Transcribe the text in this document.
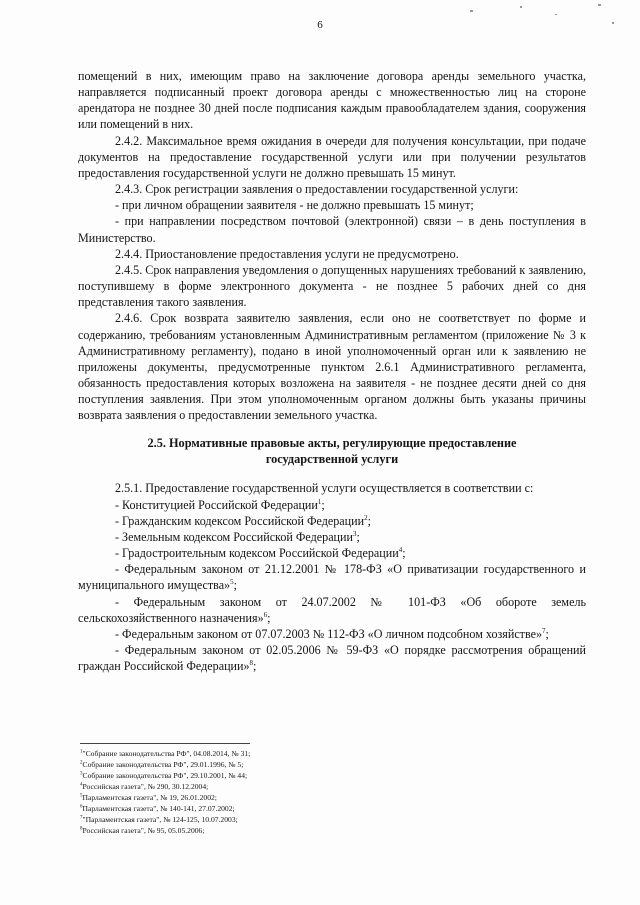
6

помещений в них, имеющим право на заключение договора аренды земельного участка, направляется подписанный проект договора аренды с множественностью лиц на стороне арендатора не позднее 30 дней после подписания каждым правообладателем здания, сооружения или помещений в них.

2.4.2. Максимальное время ожидания в очереди для получения консультации, при подаче документов на предоставление государственной услуги или при получении результатов предоставления государственной услуги не должно превышать 15 минут.

2.4.3. Срок регистрации заявления о предоставлении государственной услуги:

- при личном обращении заявителя - не должно превышать 15 минут;

- при направлении посредством почтовой (электронной) связи – в день поступления в Министерство.

2.4.4. Приостановление предоставления услуги не предусмотрено.

2.4.5. Срок направления уведомления о допущенных нарушениях требований к заявлению, поступившему в форме электронного документа - не позднее 5 рабочих дней со дня представления такого заявления.

2.4.6. Срок возврата заявителю заявления, если оно не соответствует по форме и содержанию, требованиям установленным Административным регламентом (приложение № 3 к Административному регламенту), подано в иной уполномоченный орган или к заявлению не приложены документы, предусмотренные пунктом 2.6.1 Административного регламента, обязанность предоставления которых возложена на заявителя - не позднее десяти дней со дня поступления заявления. При этом уполномоченным органом должны быть указаны причины возврата заявления о предоставлении земельного участка.

2.5. Нормативные правовые акты, регулирующие предоставление
государственной услуги

2.5.1. Предоставление государственной услуги осуществляется в соответствии с:

- Конституцией Российской Федерации$^1$;

- Гражданским кодексом Российской Федерации$^2$;

- Земельным кодексом Российской Федерации$^3$;

- Градостроительным кодексом Российской Федерации$^4$;

- Федеральным законом от 21.12.2001 № 178-ФЗ «О приватизации государственного и муниципального имущества»$^5$;

- Федеральным законом от 24.07.2002 № 101-ФЗ «Об обороте земель сельскохозяйственного назначения»$^6$;

- Федеральным законом от 07.07.2003 № 112-ФЗ «О личном подсобном хозяйстве»$^7$;

- Федеральным законом от 02.05.2006 № 59-ФЗ «О порядке рассмотрения обращений граждан Российской Федерации»$^8$;

$^1$"Собрание законодательства РФ", 04.08.2014, № 31;
$^2$Собрание законодательства РФ", 29.01.1996, № 5;
$^3$Собрание законодательства РФ", 29.10.2001, № 44;
$^4$Российская газета", № 290, 30.12.2004;
$^5$Парламентская газета", № 19, 26.01.2002;
$^6$Парламентская газета", № 140-141, 27.07.2002;
$^7$"Парламентская газета", № 124-125, 10.07.2003;
$^8$Российская газета", № 95, 05.05.2006;
